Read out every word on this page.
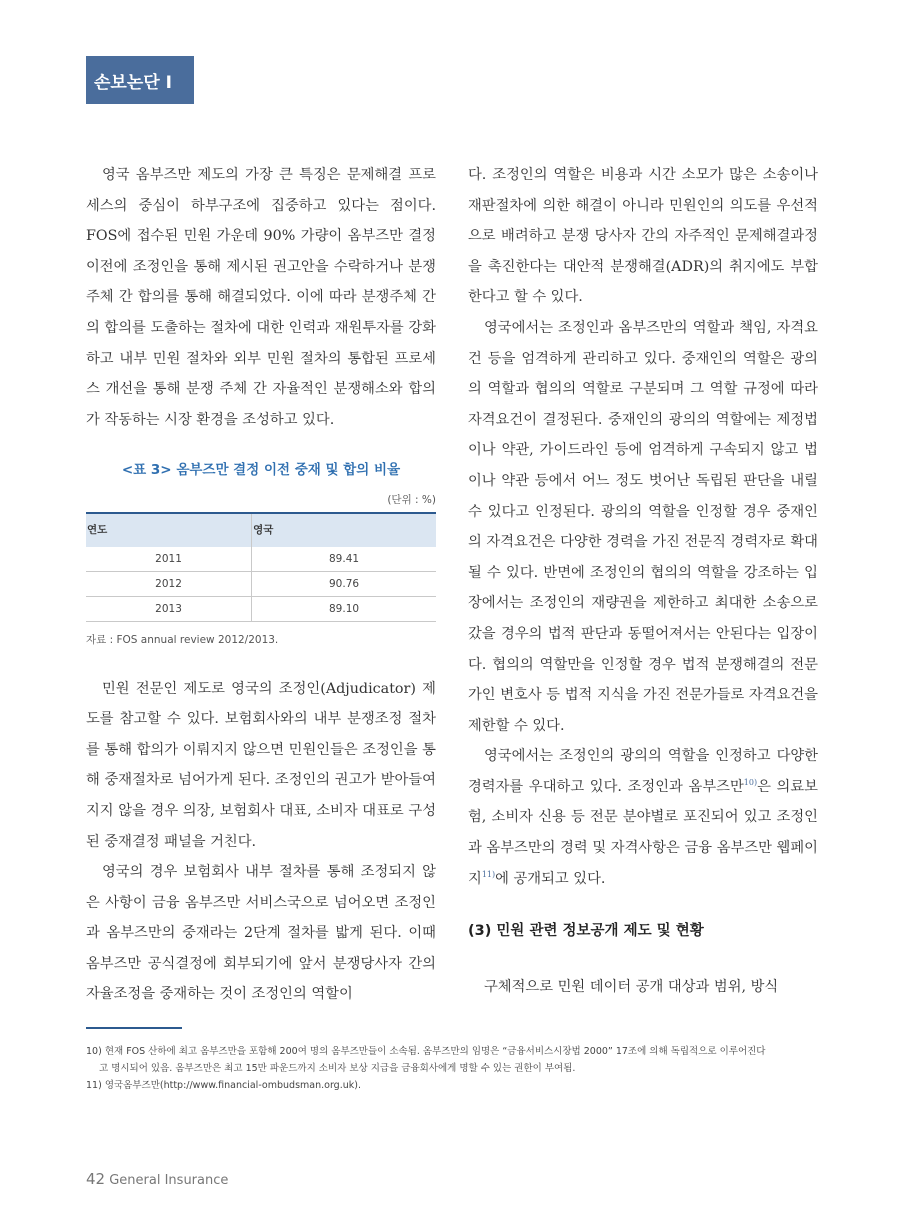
손보논단 Ⅰ

영국 옴부즈만 제도의 가장 큰 특징은 문제해결 프로세스의 중심이 하부구조에 집중하고 있다는 점이다. FOS에 접수된 민원 가운데 90% 가량이 옴부즈만 결정 이전에 조정인을 통해 제시된 권고안을 수락하거나 분쟁주체 간 합의를 통해 해결되었다. 이에 따라 분쟁주체 간의 합의를 도출하는 절차에 대한 인력과 재원투자를 강화하고 내부 민원 절차와 외부 민원 절차의 통합된 프로세스 개선을 통해 분쟁 주체 간 자율적인 분쟁해소와 합의가 작동하는 시장 환경을 조성하고 있다.

<표 3> 옴부즈만 결정 이전 중재 및 합의 비율
(단위 : %)
연도	영국
2011	89.41
2012	90.76
2013	89.10
자료 : FOS annual review 2012/2013.

민원 전문인 제도로 영국의 조정인(Adjudicator) 제도를 참고할 수 있다. 보험회사와의 내부 분쟁조정 절차를 통해 합의가 이뤄지지 않으면 민원인들은 조정인을 통해 중재절차로 넘어가게 된다. 조정인의 권고가 받아들여지지 않을 경우 의장, 보험회사 대표, 소비자 대표로 구성된 중재결정 패널을 거친다.

영국의 경우 보험회사 내부 절차를 통해 조정되지 않은 사항이 금융 옴부즈만 서비스국으로 넘어오면 조정인과 옴부즈만의 중재라는 2단계 절차를 밟게 된다. 이때 옴부즈만 공식결정에 회부되기에 앞서 분쟁당사자 간의 자율조정을 중재하는 것이 조정인의 역할이

다. 조정인의 역할은 비용과 시간 소모가 많은 소송이나 재판절차에 의한 해결이 아니라 민원인의 의도를 우선적으로 배려하고 분쟁 당사자 간의 자주적인 문제해결과정을 촉진한다는 대안적 분쟁해결(ADR)의 취지에도 부합한다고 할 수 있다.

영국에서는 조정인과 옴부즈만의 역할과 책임, 자격요건 등을 엄격하게 관리하고 있다. 중재인의 역할은 광의의 역할과 협의의 역할로 구분되며 그 역할 규정에 따라 자격요건이 결정된다. 중재인의 광의의 역할에는 제정법이나 약관, 가이드라인 등에 엄격하게 구속되지 않고 법이나 약관 등에서 어느 정도 벗어난 독립된 판단을 내릴 수 있다고 인정된다. 광의의 역할을 인정할 경우 중재인의 자격요건은 다양한 경력을 가진 전문직 경력자로 확대될 수 있다. 반면에 조정인의 협의의 역할을 강조하는 입장에서는 조정인의 재량권을 제한하고 최대한 소송으로 갔을 경우의 법적 판단과 동떨어져서는 안된다는 입장이다. 협의의 역할만을 인정할 경우 법적 분쟁해결의 전문가인 변호사 등 법적 지식을 가진 전문가들로 자격요건을 제한할 수 있다.

영국에서는 조정인의 광의의 역할을 인정하고 다양한 경력자를 우대하고 있다. 조정인과 옴부즈만$^{10)}$은 의료보험, 소비자 신용 등 전문 분야별로 포진되어 있고 조정인과 옴부즈만의 경력 및 자격사항은 금융 옴부즈만 웹페이지$^{11)}$에 공개되고 있다.

(3) 민원 관련 정보공개 제도 및 현황

구체적으로 민원 데이터 공개 대상과 범위, 방식

10) 현재 FOS 산하에 최고 옴부즈만을 포함해 200여 명의 옴부즈만들이 소속됨. 옴부즈만의 임명은 “금융서비스시장법 2000” 17조에 의해 독립적으로 이루어진다

고 명시되어 있음. 옴부즈만은 최고 15만 파운드까지 소비자 보상 지급을 금융회사에게 명할 수 있는 권한이 부여됨.

11) 영국옴부즈만(http://www.financial-ombudsman.org.uk).

42 General Insurance
